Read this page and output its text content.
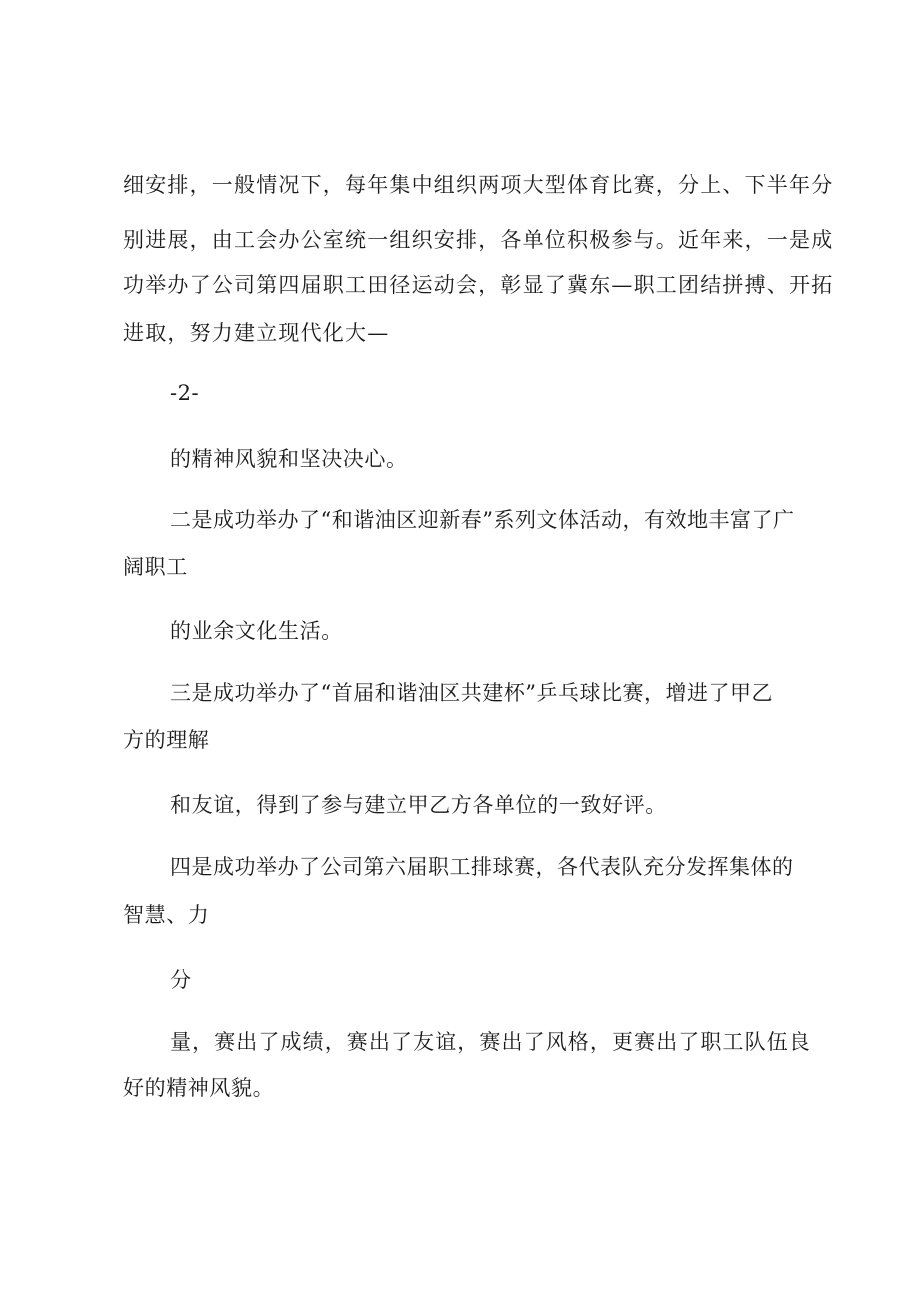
细安排，一般情况下，每年集中组织两项大型体育比赛，分上、下半年分
别进展，由工会办公室统一组织安排，各单位积极参与。近年来，一是成
功举办了公司第四届职工田径运动会，彰显了冀东—职工团结拼搏、开拓
进取，努力建立现代化大—
-2-
的精神风貌和坚决决心。
二是成功举办了“和谐油区迎新春”系列文体活动，有效地丰富了广
阔职工
的业余文化生活。
三是成功举办了“首届和谐油区共建杯”乒乓球比赛，增进了甲乙
方的理解
和友谊，得到了参与建立甲乙方各单位的一致好评。
四是成功举办了公司第六届职工排球赛，各代表队充分发挥集体的
智慧、力
分
量，赛出了成绩，赛出了友谊，赛出了风格，更赛出了职工队伍良
好的精神风貌。
